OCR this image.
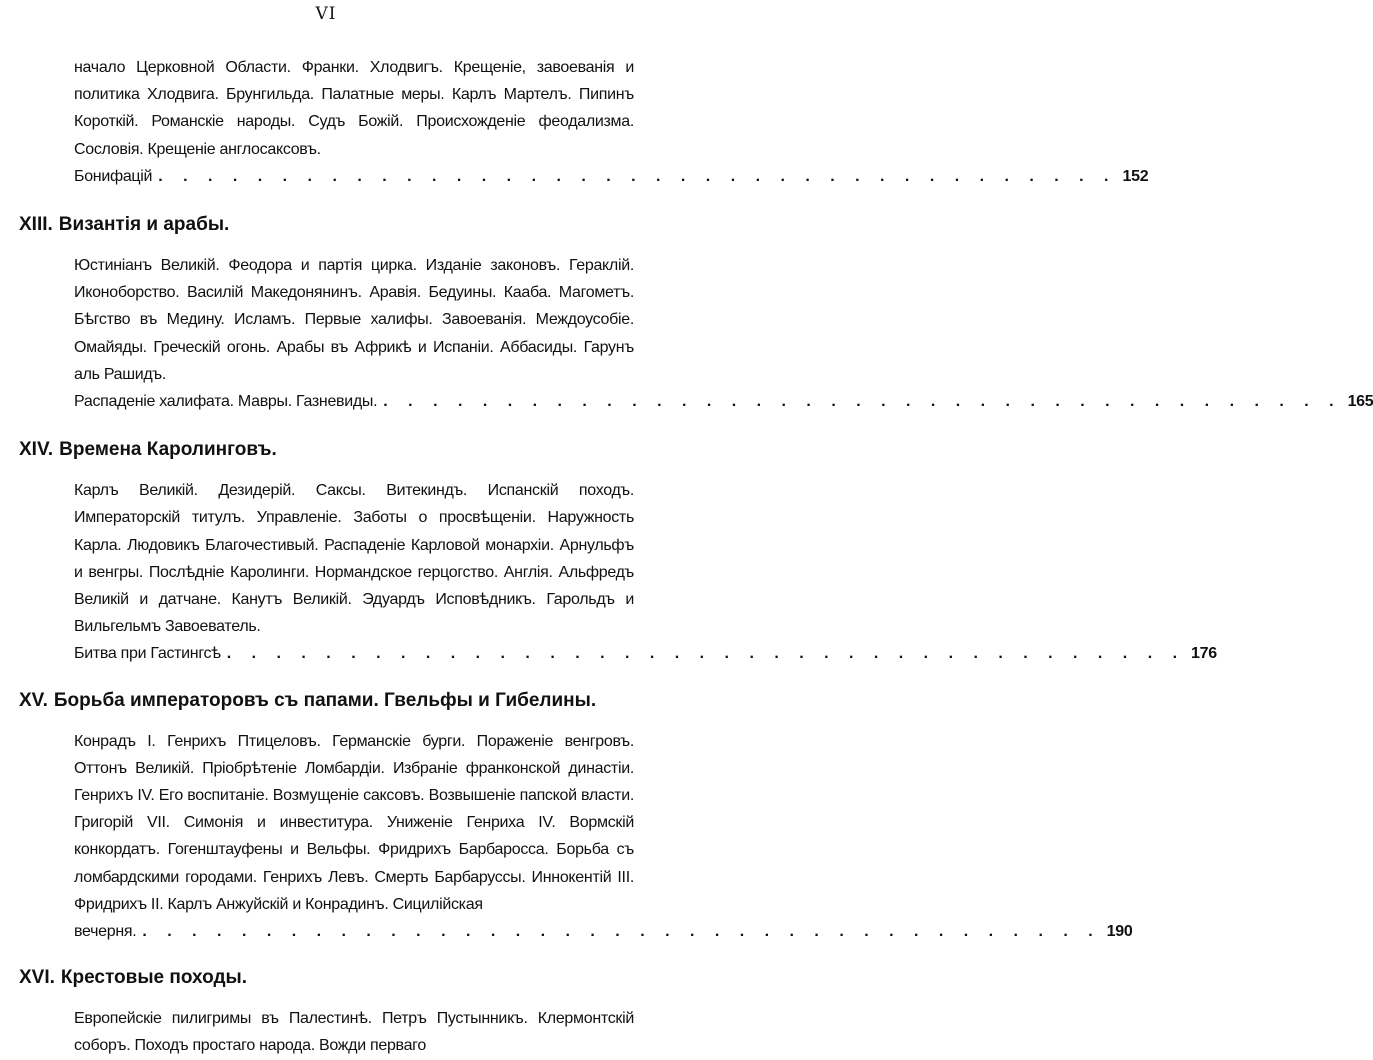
VI

начало Церковной Области. Франки. Хлодвигъ. Крещеніе, завоеванія и политика Хлодвига. Брунгильда. Палатные меры. Карлъ Мартелъ. Пипинъ Короткій. Романскіе народы. Судъ Божій. Происхожденіе феодализма. Сословія. Крещеніе англосаксовъ.

Бонифацій . . . . . . . . . . . . . . . . . . . . . . . . . . . . . . . . . . . . . . . 152
XIII. Византія и арабы.

Юстиніанъ Великій. Феодора и партія цирка. Изданіе законовъ. Гераклій. Иконоборство. Василій Македонянинъ. Аравія. Бедуины. Кааба. Магометъ. Бѣгство въ Медину. Исламъ. Первые халифы. Завоеванія. Междоусобіе. Омайяды. Греческій огонь. Арабы въ Африкѣ и Испаніи. Аббасиды. Гарунъ аль Рашидъ.

Распаденіе халифата. Мавры. Газневиды. . . . . . . . . . . . . . . . . . . . . . . . . . . . . . . . . . . . . . . . 165
XIV. Времена Каролинговъ.

Карлъ Великій. Дезидерій. Саксы. Витекиндъ. Испанскій походъ. Императорскій титулъ. Управленіе. Заботы о просвѣщеніи. Наружность Карла. Людовикъ Благочестивый. Распаденіе Карловой монархіи. Арнульфъ и венгры. Послѣдніе Каролинги. Нормандское герцогство. Англія. Альфредъ Великій и датчане. Канутъ Великій. Эдуардъ Исповѣдникъ. Гарольдъ и Вильгельмъ Завоеватель.

Битва при Гастингсѣ . . . . . . . . . . . . . . . . . . . . . . . . . . . . . . . . . . . . . . . 176
XV. Борьба императоровъ съ папами. Гвельфы и Гибелины.

Конрадъ I. Генрихъ Птицеловъ. Германскіе бурги. Пораженіе венгровъ. Оттонъ Великій. Пріобрѣтеніе Ломбардіи. Избраніе франконской династіи. Генрихъ IV. Его воспитаніе. Возмущеніе саксовъ. Возвышеніе папской власти. Григорій VII. Симонія и инвеститура. Униженіе Генриха IV. Вормскій конкордатъ. Гогенштауфены и Вельфы. Фридрихъ Барбаросса. Борьба съ ломбардскими городами. Генрихъ Левъ. Смерть Барбаруссы. Иннокентій III. Фридрихъ II. Карлъ Анжуйскій и Конрадинъ. Сицилійская

вечерня. . . . . . . . . . . . . . . . . . . . . . . . . . . . . . . . . . . . . . . . 190
XVI. Крестовые походы.

Европейскіе пилигримы въ Палестинѣ. Петръ Пустынникъ. Клермонтскій соборъ. Походъ простаго народа. Вожди перваго
